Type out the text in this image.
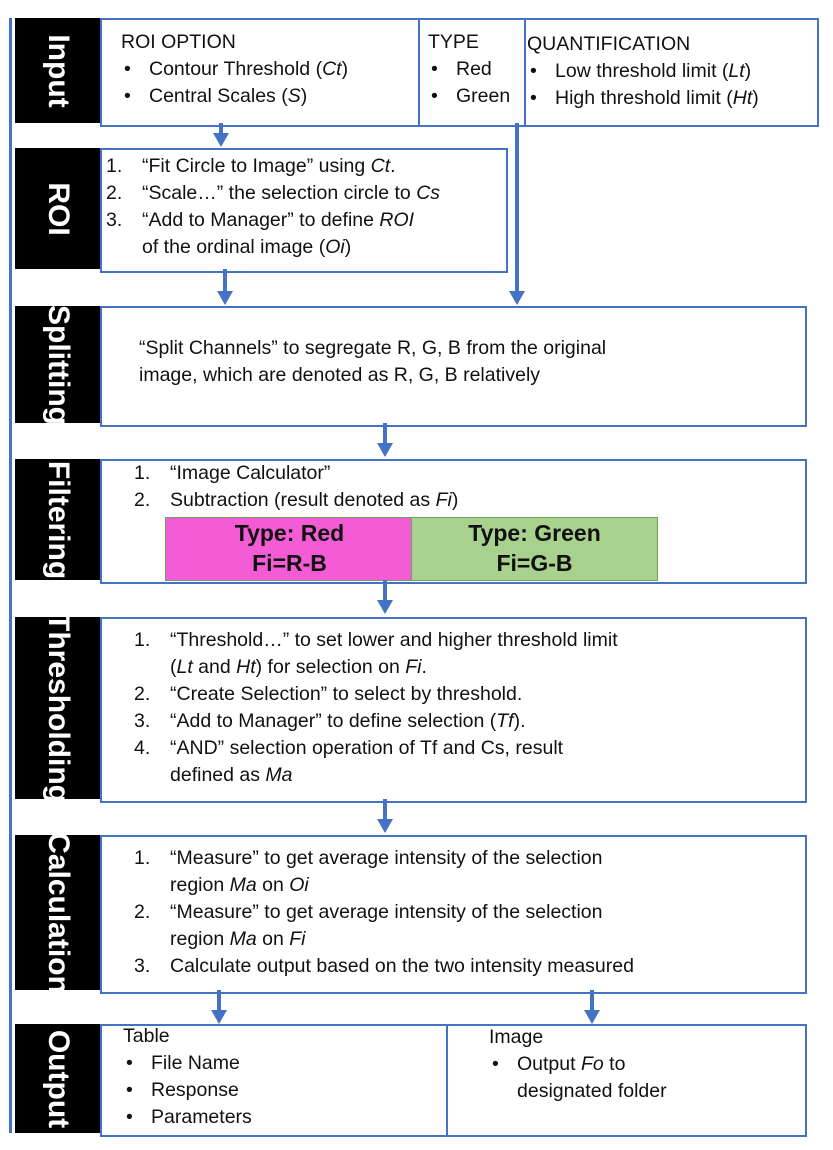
Input ROI OPTION
• Contour Threshold (Ct)
• Central Scales (S)
TYPE
• Red
• Green
QUANTIFICATION
• Low threshold limit (Lt)
• High threshold limit (Ht)
ROI
1. “Fit Circle to Image” using Ct.
2. “Scale…” the selection circle to Cs
3. “Add to Manager” to define ROI
of the ordinal image (Oi)
Splitting	“Split Channels” to segregate R, G, B from the original
image, which are denoted as R, G, B relatively
Filtering	1. “Image Calculator”
2. Subtraction (result denoted as Fi)
Type: Red
Fi=R-B
Type: Green
Fi=G-B
Thresholding	1. “Threshold…” to set lower and higher threshold limit
(Lt and Ht) for selection on Fi.
2. “Create Selection” to select by threshold.
3. “Add to Manager” to define selection (Tf).
4. “AND” selection operation of Tf and Cs, result
defined as Ma
Calculation	1. “Measure” to get average intensity of the selection
region Ma on Oi
2. “Measure” to get average intensity of the selection
region Ma on Fi
3. Calculate output based on the two intensity measured
Output Table
• File Name
• Response
• Parameters
Image
• Output Fo to
designated folder
